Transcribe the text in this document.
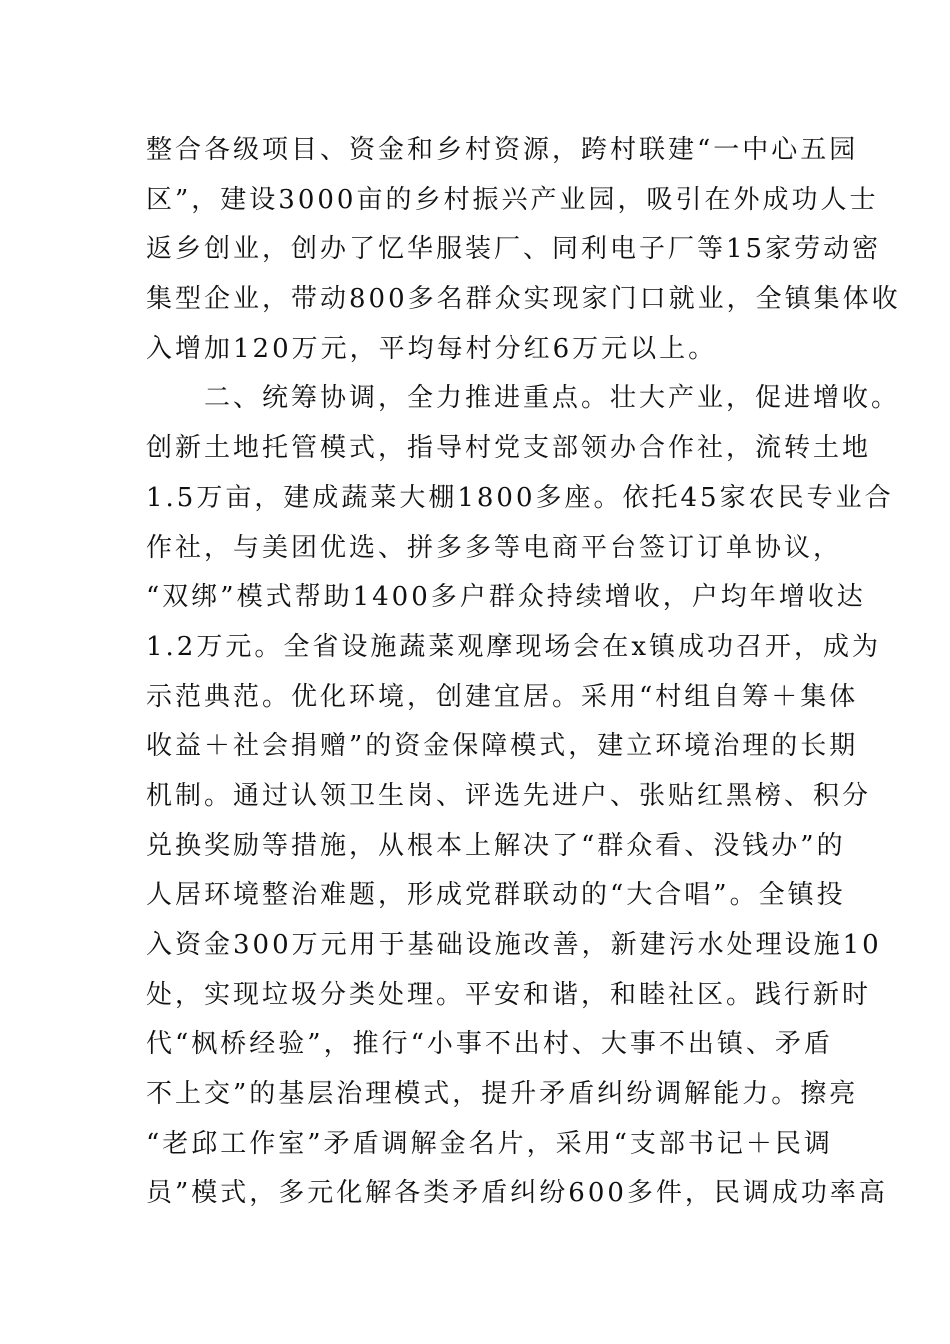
整合各级项目、资金和乡村资源，跨村联建“一中心五园
区”，建设3000亩的乡村振兴产业园，吸引在外成功人士
返乡创业，创办了忆华服装厂、同利电子厂等15家劳动密
集型企业，带动800多名群众实现家门口就业，全镇集体收
入增加120万元，平均每村分红6万元以上。
　　二、统筹协调，全力推进重点。壮大产业，促进增收。
创新土地托管模式，指导村党支部领办合作社，流转土地
1.5万亩，建成蔬菜大棚1800多座。依托45家农民专业合
作社，与美团优选、拼多多等电商平台签订订单协议，
“双绑”模式帮助1400多户群众持续增收，户均年增收达
1.2万元。全省设施蔬菜观摩现场会在x镇成功召开，成为
示范典范。优化环境，创建宜居。采用“村组自筹＋集体
收益＋社会捐赠”的资金保障模式，建立环境治理的长期
机制。通过认领卫生岗、评选先进户、张贴红黑榜、积分
兑换奖励等措施，从根本上解决了“群众看、没钱办”的
人居环境整治难题，形成党群联动的“大合唱”。全镇投
入资金300万元用于基础设施改善，新建污水处理设施10
处，实现垃圾分类处理。平安和谐，和睦社区。践行新时
代“枫桥经验”，推行“小事不出村、大事不出镇、矛盾
不上交”的基层治理模式，提升矛盾纠纷调解能力。擦亮
“老邱工作室”矛盾调解金名片，采用“支部书记＋民调
员”模式，多元化解各类矛盾纠纷600多件，民调成功率高
